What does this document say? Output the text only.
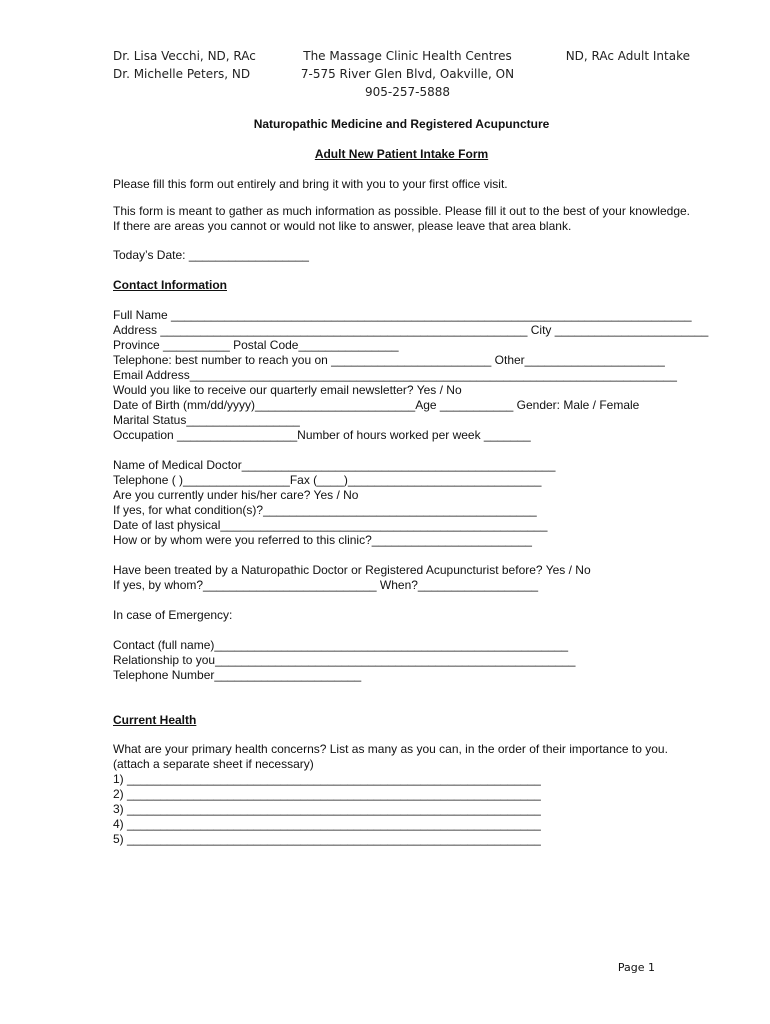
Dr. Lisa Vecchi, ND, RAc
Dr. Michelle Peters, ND
The Massage Clinic Health Centres
7-575 River Glen Blvd, Oakville, ON
905-257-5888
ND, RAc Adult Intake
Naturopathic Medicine and Registered Acupuncture
Adult New Patient Intake Form
Please fill this form out entirely and bring it with you to your first office visit.
This form is meant to gather as much information as possible. Please fill it out to the best of your knowledge. If there are areas you cannot or would not like to answer, please leave that area blank.
Today’s Date: __________________
Contact Information
Full Name ______________________________________________________________________________
Address _______________________________________________________ City _______________________
Province __________ Postal Code_______________
Telephone: best number to reach you on ________________________ Other_____________________
Email Address_________________________________________________________________________
Would you like to receive our quarterly email newsletter? Yes / No
Date of Birth (mm/dd/yyyy)________________________Age ___________ Gender: Male / Female
Marital Status_________________
Occupation __________________Number of hours worked per week _______
Name of Medical Doctor_______________________________________________
Telephone ( )________________Fax (____)_____________________________
Are you currently under his/her care? Yes / No
If yes, for what condition(s)?_________________________________________
Date of last physical_________________________________________________
How or by whom were you referred to this clinic?________________________
Have been treated by a Naturopathic Doctor or Registered Acupuncturist before? Yes / No
If yes, by whom?__________________________ When?__________________
In case of Emergency:
Contact (full name)_____________________________________________________
Relationship to you______________________________________________________
Telephone Number______________________
Current Health
What are your primary health concerns? List as many as you can, in the order of their importance to you. (attach a separate sheet if necessary)
1) ______________________________________________________________
2) ______________________________________________________________
3) ______________________________________________________________
4) ______________________________________________________________
5) ______________________________________________________________
Page 1
